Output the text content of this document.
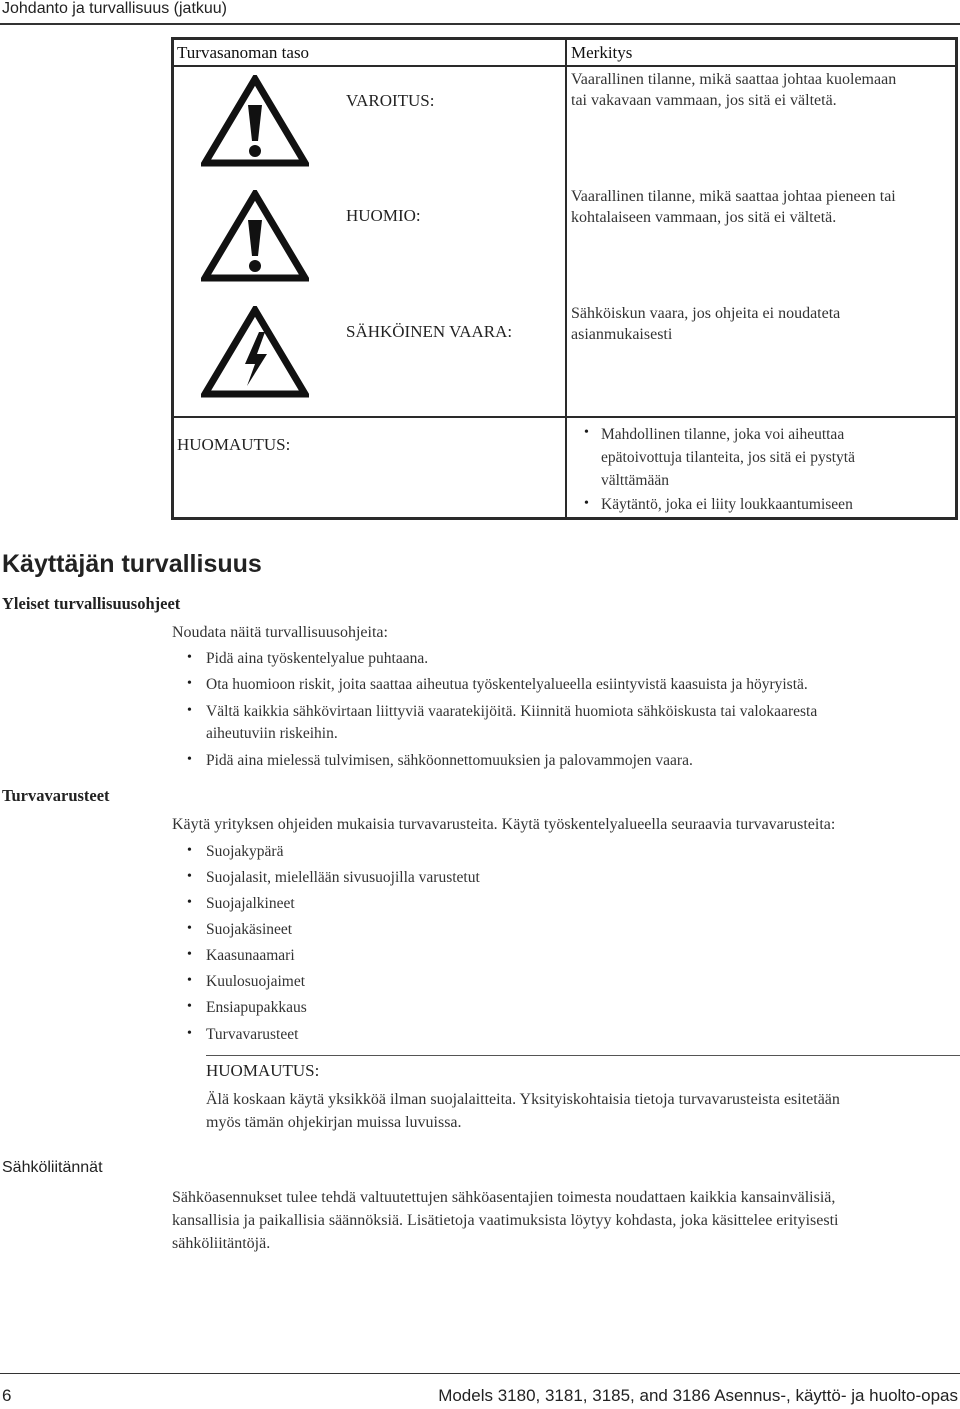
Johdanto ja turvallisuus (jatkuu)
Turvasanoman taso	Merkitys
VAROITUS:
Vaarallinen tilanne, mikä saattaa johtaa kuolemaan
tai vakavaan vammaan, jos sitä ei vältetä.
HUOMIO:
Vaarallinen tilanne, mikä saattaa johtaa pieneen tai
kohtalaiseen vammaan, jos sitä ei vältetä.
SÄHKÖINEN VAARA:
Sähköiskun vaara, jos ohjeita ei noudateta
asianmukaisesti
HUOMAUTUS:
• Mahdollinen tilanne, joka voi aiheuttaa
epätoivottuja tilanteita, jos sitä ei pystytä
välttämään
• Käytäntö, joka ei liity loukkaantumiseen
Käyttäjän turvallisuus
Yleiset turvallisuusohjeet
Noudata näitä turvallisuusohjeita:
• Pidä aina työskentelyalue puhtaana.
• Ota huomioon riskit, joita saattaa aiheutua työskentelyalueella esiintyvistä kaasuista ja höyryistä.
• Vältä kaikkia sähkövirtaan liittyviä vaaratekijöitä. Kiinnitä huomiota sähköiskusta tai valokaaresta
aiheutuviin riskeihin.
• Pidä aina mielessä tulvimisen, sähköonnettomuuksien ja palovammojen vaara.
Turvavarusteet
Käytä yrityksen ohjeiden mukaisia turvavarusteita. Käytä työskentelyalueella seuraavia turvavarusteita:
• Suojakypärä
• Suojalasit, mielellään sivusuojilla varustetut
• Suojajalkineet
• Suojakäsineet
• Kaasunaamari
• Kuulosuojaimet
• Ensiapupakkaus
• Turvavarusteet
HUOMAUTUS:
Älä koskaan käytä yksikköä ilman suojalaitteita. Yksityiskohtaisia tietoja turvavarusteista esitetään
myös tämän ohjekirjan muissa luvuissa.
Sähköliitännät
Sähköasennukset tulee tehdä valtuutettujen sähköasentajien toimesta noudattaen kaikkia kansainvälisiä,
kansallisia ja paikallisia säännöksiä. Lisätietoja vaatimuksista löytyy kohdasta, joka käsittelee erityisesti
sähköliitäntöjä.
6	Models 3180, 3181, 3185, and 3186 Asennus-, käyttö- ja huolto-opas
